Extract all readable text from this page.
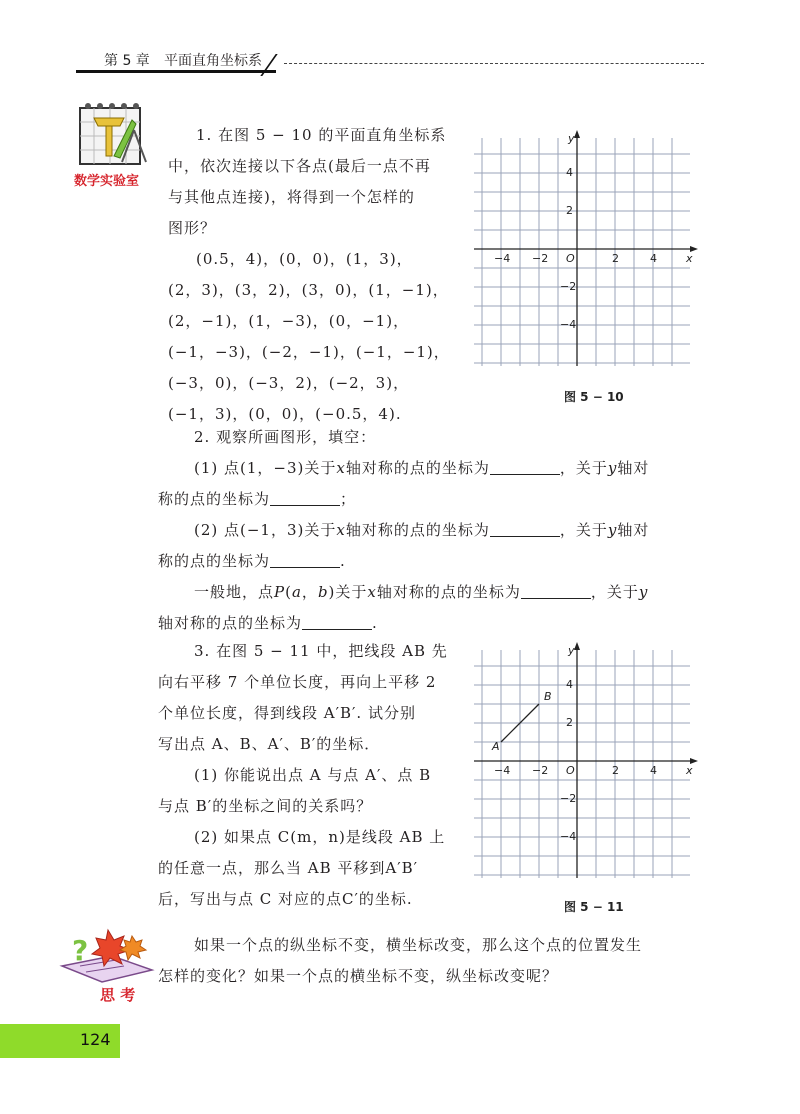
第 5 章 平面直角坐标系
数学实验室
1. 在图 5 − 10 的平面直角坐标系
中，依次连接以下各点(最后一点不再
与其他点连接)，将得到一个怎样的
图形？
(0.5，4)，(0，0)，(1，3)，
(2，3)，(3，2)，(3，0)，(1，−1)，
(2，−1)，(1，−3)，(0，−1)，
(−1，−3)，(−2，−1)，(−1，−1)，
(−3，0)，(−3，2)，(−2，3)，
(−1，3)，(0，0)，(−0.5，4).
x
y
O
−4 −2	2	4
4
2
−2
−4
图 5 − 10
2. 观察所画图形，填空：
(1) 点(1，−3)关于x轴对称的点的坐标为	，关于y轴对
称的点的坐标为	；
(2) 点(−1，3)关于x轴对称的点的坐标为	，关于y轴对
称的点的坐标为	.
一般地，点P(a，b)关于x轴对称的点的坐标为	，关于y
轴对称的点的坐标为	.
3. 在图 5 − 11 中，把线段 AB 先
向右平移 7 个单位长度，再向上平移 2
个单位长度，得到线段 A′B′. 试分别
写出点 A、B、A′、B′的坐标．
(1) 你能说出点 A 与点 A′、点 B
与点 B′的坐标之间的关系吗？
(2) 如果点 C(m，n)是线段 AB 上
的任意一点，那么当 AB 平移到A′B′
后，写出与点 C 对应的点C′的坐标.
A
B
x
y
O
−4 −2	2	4
4
2
−2
−4
图 5 − 11
?
思 考
如果一个点的纵坐标不变，横坐标改变，那么这个点的位置发生
怎样的变化？如果一个点的横坐标不变，纵坐标改变呢？
124
